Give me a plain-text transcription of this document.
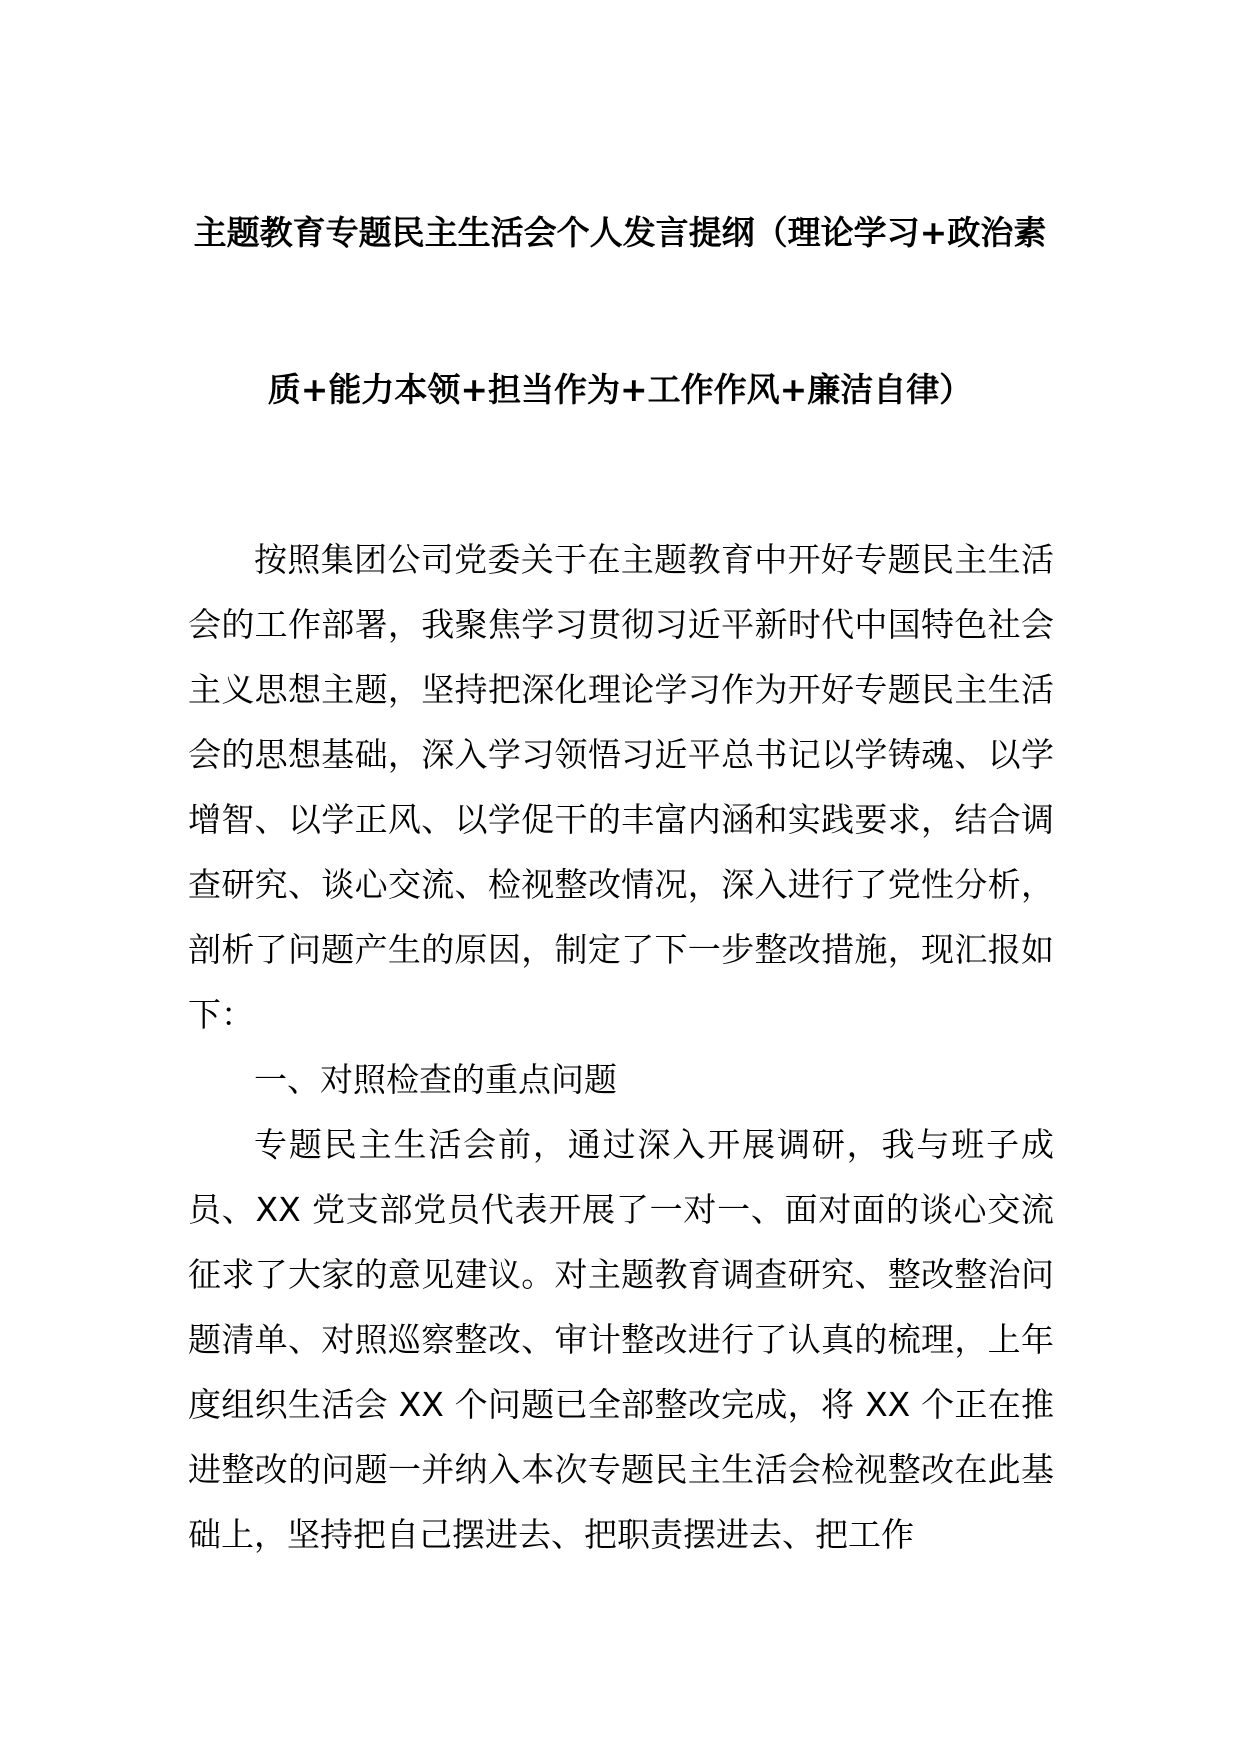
主题教育专题民主生活会个人发言提纲（理论学习+政治素
质+能力本领+担当作为+工作作风+廉洁自律）

按照集团公司党委关于在主题教育中开好专题民主生活会的工作部署，我聚焦学习贯彻习近平新时代中国特色社会主义思想主题，坚持把深化理论学习作为开好专题民主生活会的思想基础，深入学习领悟习近平总书记以学铸魂、以学增智、以学正风、以学促干的丰富内涵和实践要求，结合调查研究、谈心交流、检视整改情况，深入进行了党性分析，剖析了问题产生的原因，制定了下一步整改措施，现汇报如下：

一、对照检查的重点问题

专题民主生活会前，通过深入开展调研，我与班子成员、XX 党支部党员代表开展了一对一、面对面的谈心交流征求了大家的意见建议。对主题教育调查研究、整改整治问题清单、对照巡察整改、审计整改进行了认真的梳理，上年度组织生活会 XX 个问题已全部整改完成，将 XX 个正在推进整改的问题一并纳入本次专题民主生活会检视整改在此基础上，坚持把自己摆进去、把职责摆进去、把工作
